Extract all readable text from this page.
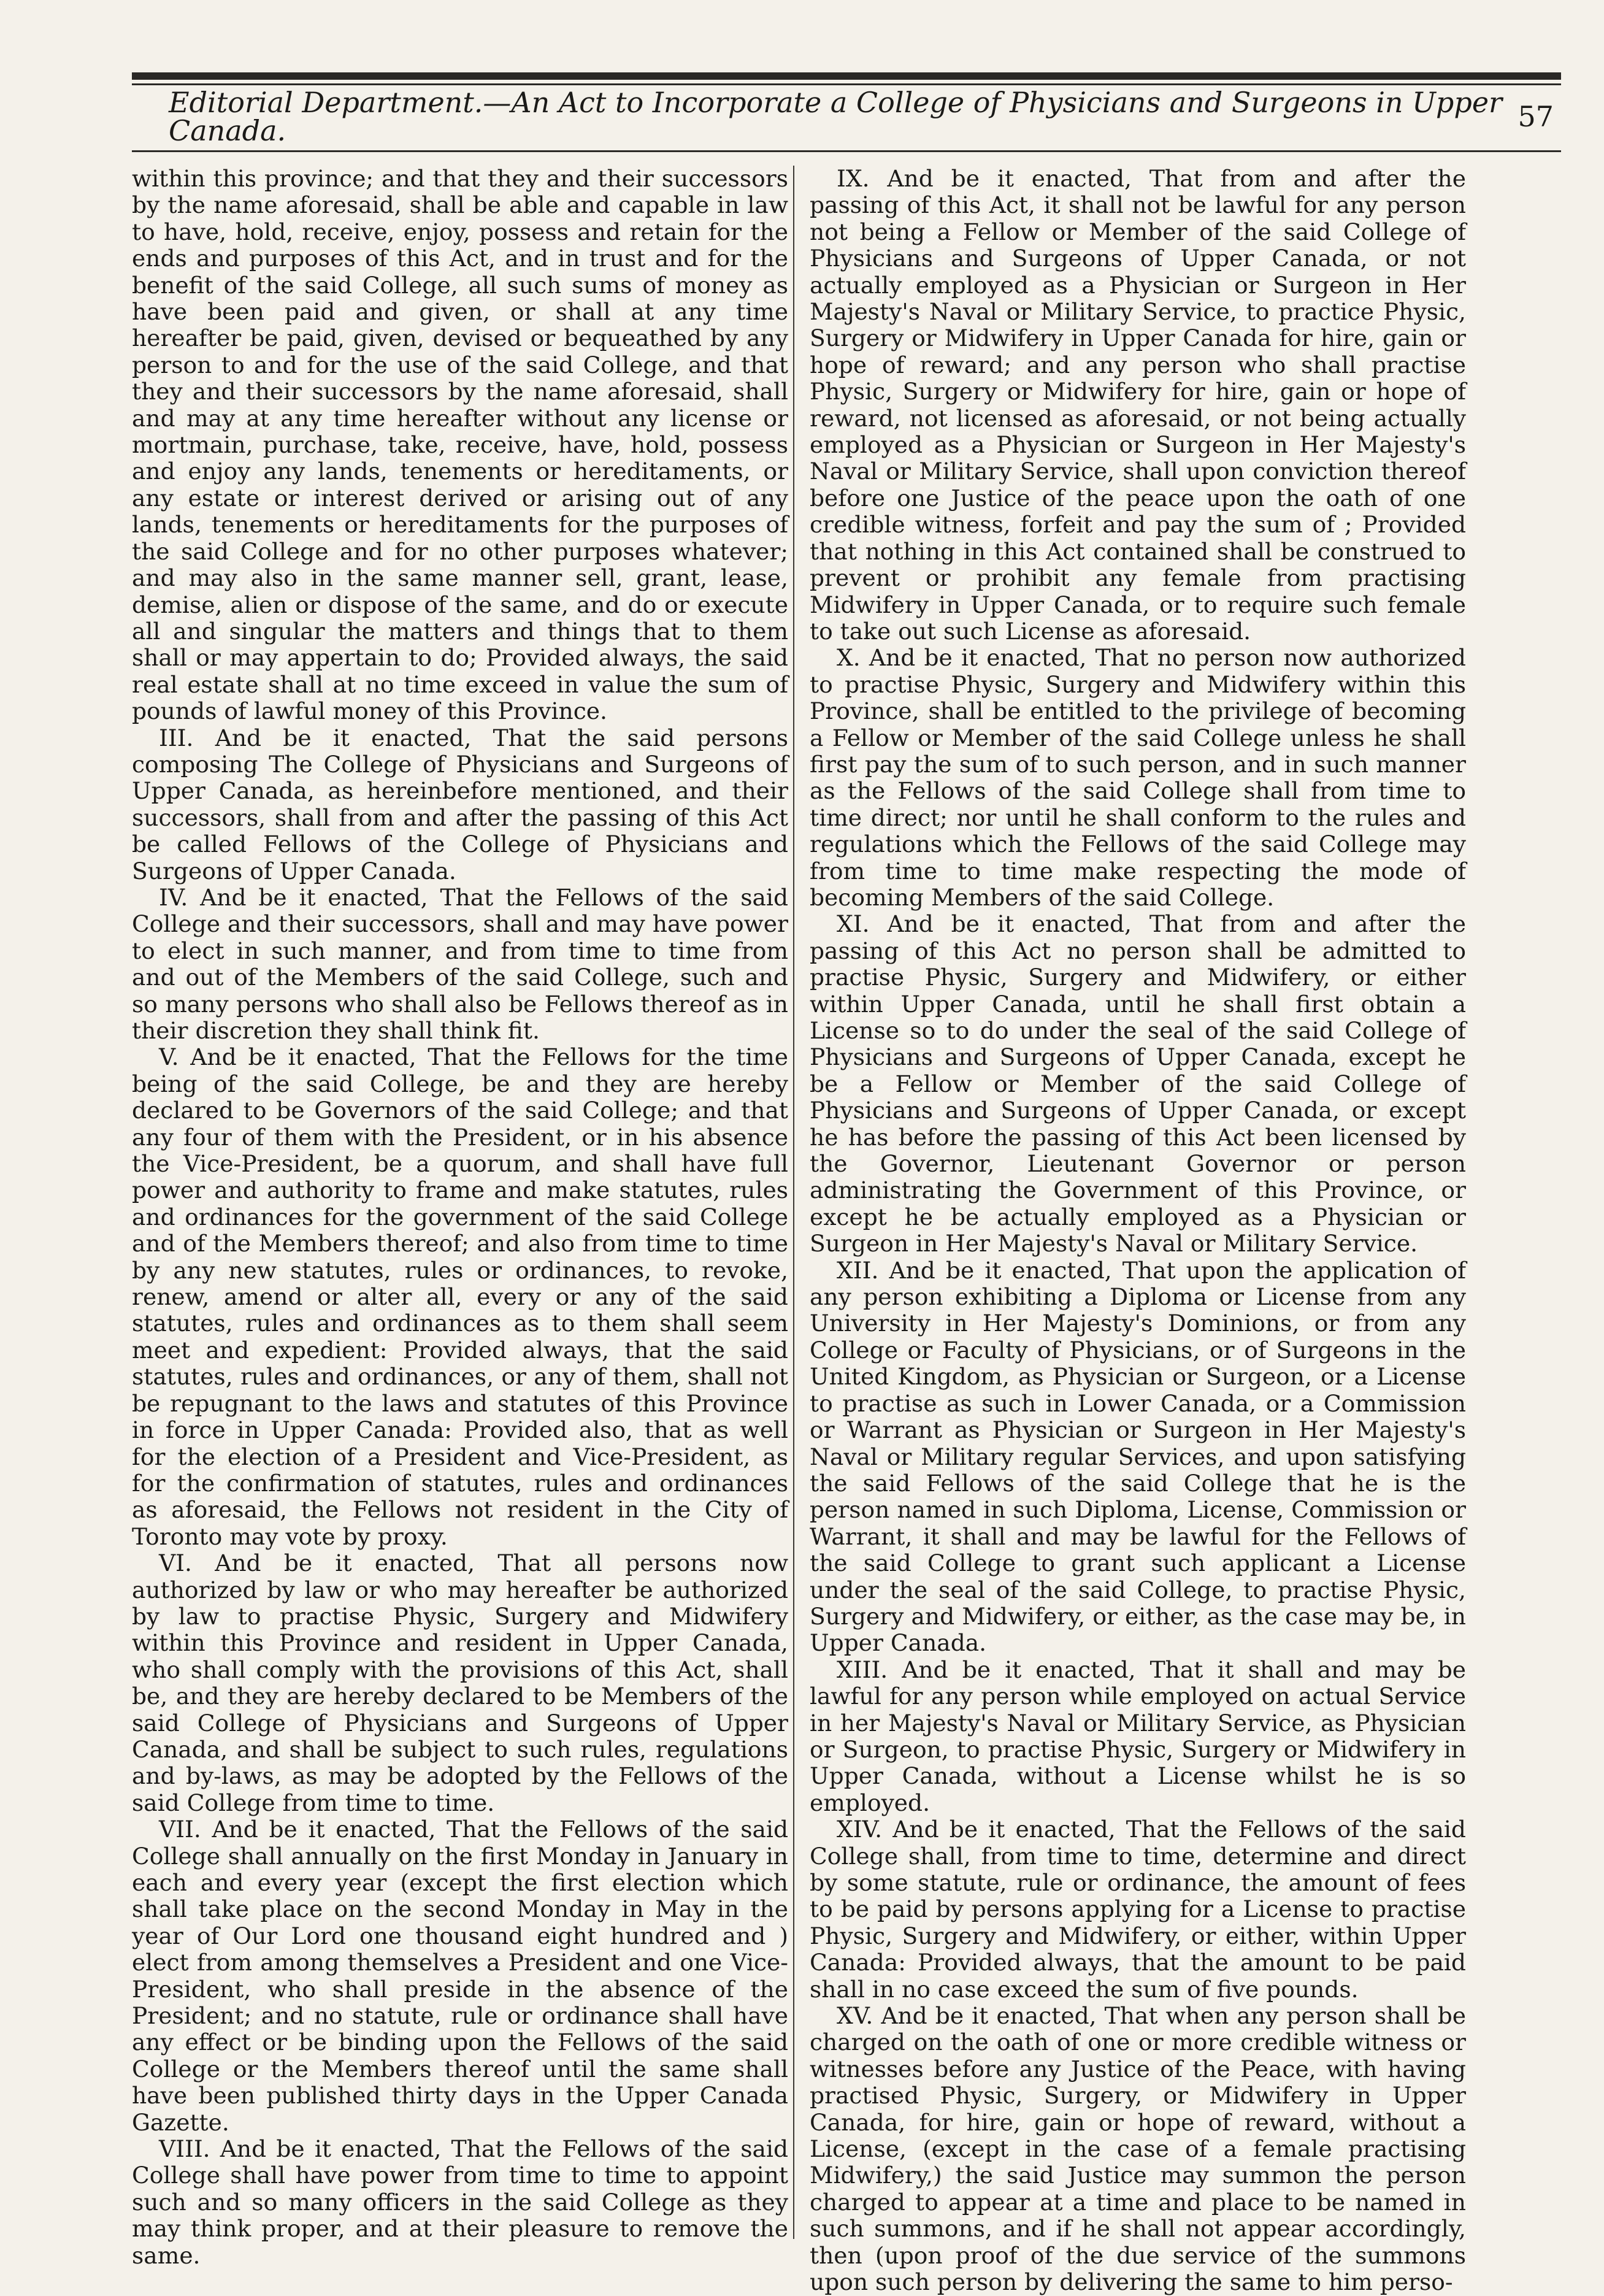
Editorial Department.—An Act to Incorporate a College of Physicians and Surgeons in Upper Canada.	57

within this province; and that they and their successors by the name aforesaid, shall be able and capable in law to have, hold, receive, enjoy, possess and retain for the ends and purposes of this Act, and in trust and for the benefit of the said College, all such sums of money as have been paid and given, or shall at any time hereafter be paid, given, devised or bequeathed by any person to and for the use of the said College, and that they and their successors by the name aforesaid, shall and may at any time hereafter without any license or mortmain, purchase, take, receive, have, hold, possess and enjoy any lands, tenements or hereditaments, or any estate or interest derived or arising out of any lands, tenements or hereditaments for the purposes of the said College and for no other purposes whatever; and may also in the same manner sell, grant, lease, demise, alien or dispose of the same, and do or execute all and singular the matters and things that to them shall or may appertain to do; Provided always, the said real estate shall at no time exceed in value the sum of pounds of lawful money of this Province.

III. And be it enacted, That the said persons composing The College of Physicians and Surgeons of Upper Canada, as hereinbefore mentioned, and their successors, shall from and after the passing of this Act be called Fellows of the College of Physicians and Surgeons of Upper Canada.

IV. And be it enacted, That the Fellows of the said College and their successors, shall and may have power to elect in such manner, and from time to time from and out of the Members of the said College, such and so many persons who shall also be Fellows thereof as in their discretion they shall think fit.

V. And be it enacted, That the Fellows for the time being of the said College, be and they are hereby declared to be Governors of the said College; and that any four of them with the President, or in his absence the Vice-President, be a quorum, and shall have full power and authority to frame and make statutes, rules and ordinances for the government of the said College and of the Members thereof; and also from time to time by any new statutes, rules or ordinances, to revoke, renew, amend or alter all, every or any of the said statutes, rules and ordinances as to them shall seem meet and expedient: Provided always, that the said statutes, rules and ordinances, or any of them, shall not be repugnant to the laws and statutes of this Province in force in Upper Canada: Provided also, that as well for the election of a President and Vice-President, as for the confirmation of statutes, rules and ordinances as aforesaid, the Fellows not resident in the City of Toronto may vote by proxy.

VI. And be it enacted, That all persons now authorized by law or who may hereafter be authorized by law to practise Physic, Surgery and Midwifery within this Province and resident in Upper Canada, who shall comply with the provisions of this Act, shall be, and they are hereby declared to be Members of the said College of Physicians and Surgeons of Upper Canada, and shall be subject to such rules, regulations and by-laws, as may be adopted by the Fellows of the said College from time to time.

VII. And be it enacted, That the Fellows of the said College shall annually on the first Monday in January in each and every year (except the first election which shall take place on the second Monday in May in the year of Our Lord one thousand eight hundred and ) elect from among themselves a President and one Vice-President, who shall preside in the absence of the President; and no statute, rule or ordinance shall have any effect or be binding upon the Fellows of the said College or the Members thereof until the same shall have been published thirty days in the Upper Canada Gazette.

VIII. And be it enacted, That the Fellows of the said College shall have power from time to time to appoint such and so many officers in the said College as they may think proper, and at their pleasure to remove the same.

IX. And be it enacted, That from and after the passing of this Act, it shall not be lawful for any person not being a Fellow or Member of the said College of Physicians and Surgeons of Upper Canada, or not actually employed as a Physician or Surgeon in Her Majesty's Naval or Military Service, to practice Physic, Surgery or Midwifery in Upper Canada for hire, gain or hope of reward; and any person who shall practise Physic, Surgery or Midwifery for hire, gain or hope of reward, not licensed as aforesaid, or not being actually employed as a Physician or Surgeon in Her Majesty's Naval or Military Service, shall upon conviction thereof before one Justice of the peace upon the oath of one credible witness, forfeit and pay the sum of ; Provided that nothing in this Act contained shall be construed to prevent or prohibit any female from practising Midwifery in Upper Canada, or to require such female to take out such License as aforesaid.

X. And be it enacted, That no person now authorized to practise Physic, Surgery and Midwifery within this Province, shall be entitled to the privilege of becoming a Fellow or Member of the said College unless he shall first pay the sum of to such person, and in such manner as the Fellows of the said College shall from time to time direct; nor until he shall conform to the rules and regulations which the Fellows of the said College may from time to time make respecting the mode of becoming Members of the said College.

XI. And be it enacted, That from and after the passing of this Act no person shall be admitted to practise Physic, Surgery and Midwifery, or either within Upper Canada, until he shall first obtain a License so to do under the seal of the said College of Physicians and Surgeons of Upper Canada, except he be a Fellow or Member of the said College of Physicians and Surgeons of Upper Canada, or except he has before the passing of this Act been licensed by the Governor, Lieutenant Governor or person administrating the Government of this Province, or except he be actually employed as a Physician or Surgeon in Her Majesty's Naval or Military Service.

XII. And be it enacted, That upon the application of any person exhibiting a Diploma or License from any University in Her Majesty's Dominions, or from any College or Faculty of Physicians, or of Surgeons in the United Kingdom, as Physician or Surgeon, or a License to practise as such in Lower Canada, or a Commission or Warrant as Physician or Surgeon in Her Majesty's Naval or Military regular Services, and upon satisfying the said Fellows of the said College that he is the person named in such Diploma, License, Commission or Warrant, it shall and may be lawful for the Fellows of the said College to grant such applicant a License under the seal of the said College, to practise Physic, Surgery and Midwifery, or either, as the case may be, in Upper Canada.

XIII. And be it enacted, That it shall and may be lawful for any person while employed on actual Service in her Majesty's Naval or Military Service, as Physician or Surgeon, to practise Physic, Surgery or Midwifery in Upper Canada, without a License whilst he is so employed.

XIV. And be it enacted, That the Fellows of the said College shall, from time to time, determine and direct by some statute, rule or ordinance, the amount of fees to be paid by persons applying for a License to practise Physic, Surgery and Midwifery, or either, within Upper Canada: Provided always, that the amount to be paid shall in no case exceed the sum of five pounds.

XV. And be it enacted, That when any person shall be charged on the oath of one or more credible witness or witnesses before any Justice of the Peace, with having practised Physic, Surgery, or Midwifery in Upper Canada, for hire, gain or hope of reward, without a License, (except in the case of a female practising Midwifery,) the said Justice may summon the person charged to appear at a time and place to be named in such summons, and if he shall not appear accordingly, then (upon proof of the due service of the summons upon such person by delivering the same to him perso-
